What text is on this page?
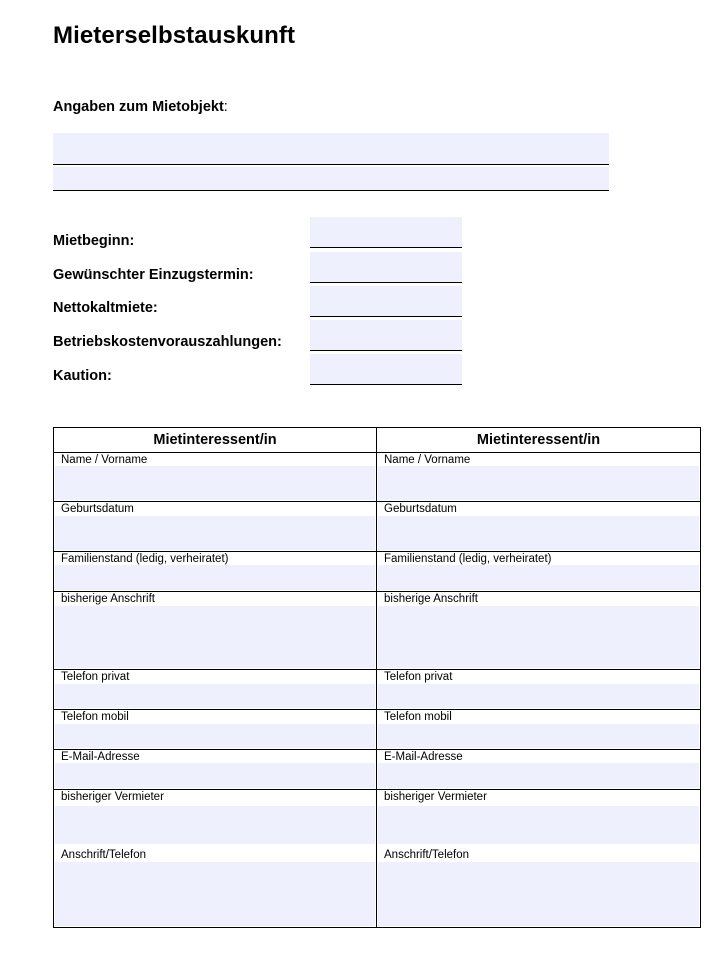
Mieterselbstauskunft
Angaben zum Mietobjekt:
Mietbeginn:
Gewünschter Einzugstermin:
Nettokaltmiete:
Betriebskostenvorauszahlungen:
Kaution:
Mietinteressent/in	Mietinteressent/in

Name / Vorname	Name / Vorname

Geburtsdatum	Geburtsdatum

Familienstand (ledig, verheiratet)	Familienstand (ledig, verheiratet)

bisherige Anschrift	bisherige Anschrift

Telefon privat	Telefon privat

Telefon mobil	Telefon mobil

E-Mail-Adresse	E-Mail-Adresse

bisheriger Vermieter	bisheriger Vermieter

Anschrift/Telefon	Anschrift/Telefon
